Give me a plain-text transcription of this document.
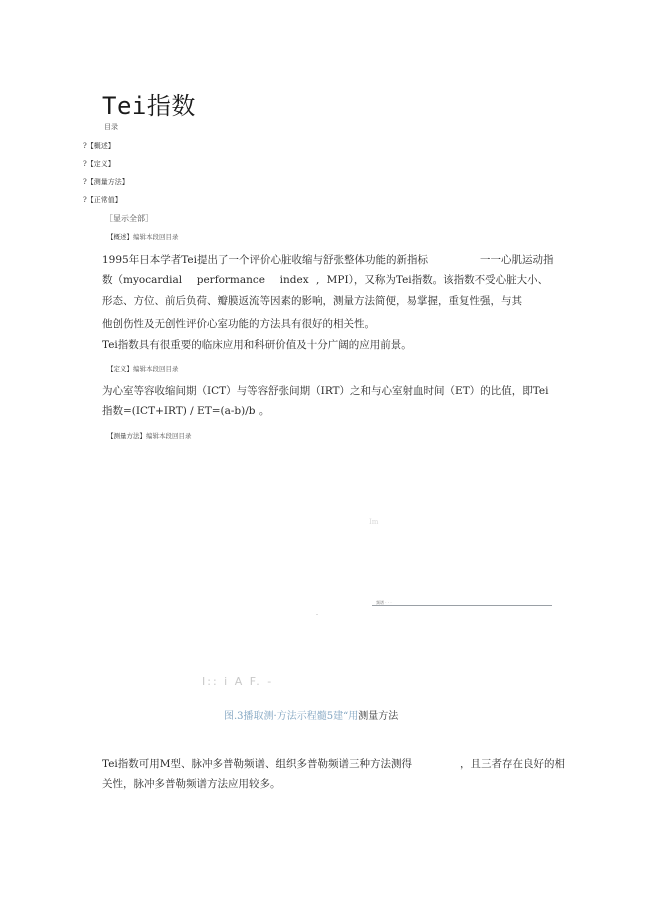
Tei指数
目录
?【概述】
?【定义】
?【测量方法】
?【正常值】
［显示全部］
【概述】编辑本段回目录
1995年日本学者Tei提出了一个评价心脏收缩与舒张整体功能的新指标	一一心肌运动指
数（myocardial  performance  index , MPI），又称为Tei指数。该指数不受心脏大小、
形态、方位、前后负荷、瓣膜返流等因素的影响，测量方法简便，易掌握，重复性强，与其
他创伤性及无创性评价心室功能的方法具有很好的相关性。
Tei指数具有很重要的临床应用和科研价值及十分广阔的应用前景。
【定义】编辑本段回目录
为心室等容收缩间期（ICT）与等容舒张间期（IRT）之和与心室射血时间（ET）的比值，即Tei
指数=(ICT+IRT) / ET=(a-b)/b 。
【测量方法】编辑本段回目录
Im
频谱 · · ·
I:: i A F. -
图.3播取测·方法示程髓5建“用测量方法
Tei指数可用M型、脉冲多普勒频谱、组织多普勒频谱三种方法测得	，且三者存在良好的相
关性，脉冲多普勒频谱方法应用较多。
